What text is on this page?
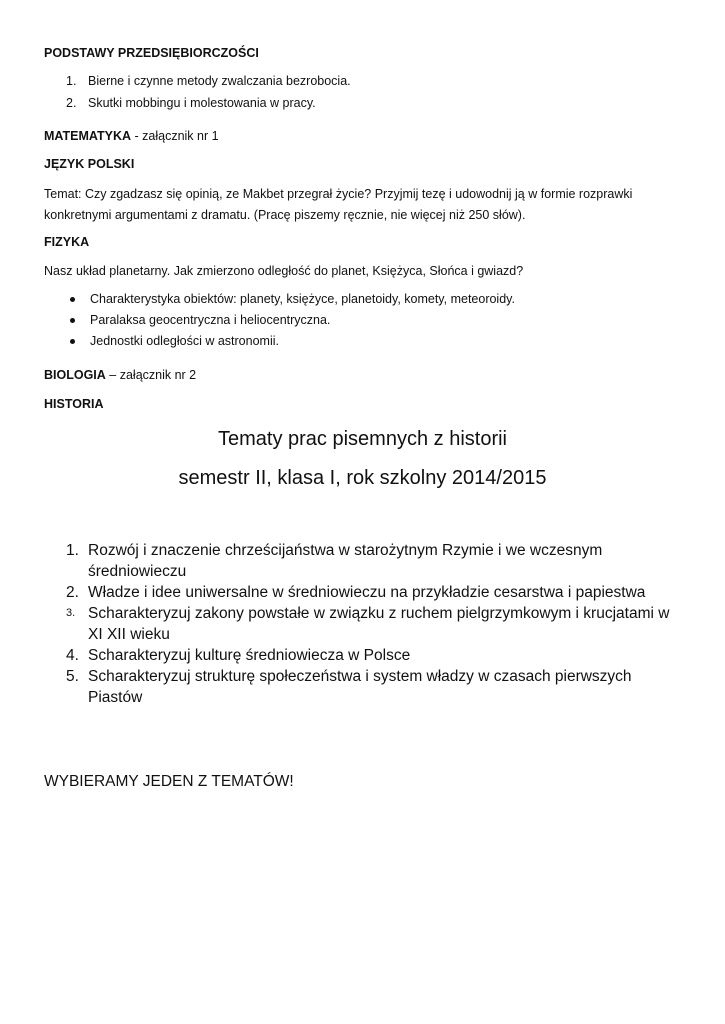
PODSTAWY PRZEDSIĘBIORCZOŚCI
1. Bierne i czynne metody zwalczania bezrobocia.
2. Skutki mobbingu i molestowania w pracy.
MATEMATYKA - załącznik nr 1
JĘZYK POLSKI
Temat: Czy zgadzasz się opinią, ze Makbet przegrał życie? Przyjmij tezę i udowodnij ją w formie rozprawki konkretnymi argumentami z dramatu. (Pracę piszemy ręcznie, nie więcej niż 250 słów).
FIZYKA
Nasz układ planetarny. Jak zmierzono odległość do planet, Księżyca, Słońca i gwiazd?
Charakterystyka obiektów: planety, księżyce, planetoidy, komety, meteoroidy.
Paralaksa geocentryczna i heliocentryczna.
Jednostki odległości w astronomii.
BIOLOGIA – załącznik nr 2
HISTORIA
Tematy prac pisemnych z historii
semestr II, klasa I, rok szkolny 2014/2015
1. Rozwój i znaczenie chrześcijaństwa w starożytnym Rzymie i we wczesnym średniowieczu
2. Władze i idee uniwersalne w średniowieczu na przykładzie cesarstwa i papiestwa
3. Scharakteryzuj zakony powstałe w związku z ruchem pielgrzymkowym i krucjatami w XI XII wieku
4. Scharakteryzuj kulturę średniowiecza w Polsce
5. Scharakteryzuj strukturę społeczeństwa i system władzy w czasach pierwszych Piastów
WYBIERAMY JEDEN Z TEMATÓW!
